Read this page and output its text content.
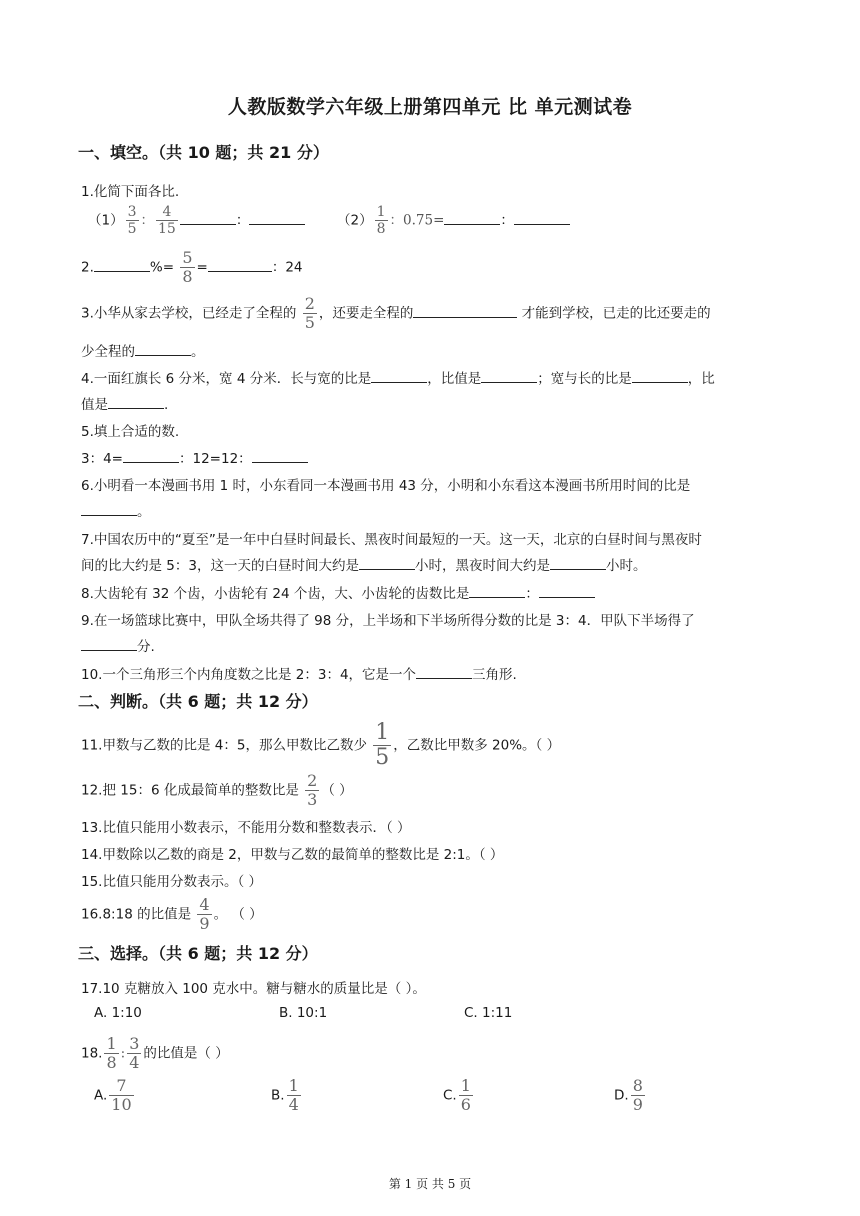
人教版数学六年级上册第四单元 比 单元测试卷
一、填空。（共 10 题；共 21 分）
1.化简下面各比.
$(1) \frac{3}{5}$ ： $\frac{4}{15}$	：	$(2) \frac{1}{8}$ ：0.75=	：
2.	%= $\frac{5}{8}$ =	：24
3.小华从家去学校，已经走了全程的 $\frac{2}{5}$ ，还要走全程的	才能到学校，已走的比还要走的
少全程的	。
4.一面红旗长 6 分米，宽 4 分米．长与宽的比是	，比值是	；宽与长的比是	，比
值是	.
5.填上合适的数.
3：4=	：12=12：
6.小明看一本漫画书用 1 时，小东看同一本漫画书用 43 分，小明和小东看这本漫画书所用时间的比是
。
7.中国农历中的“夏至”是一年中白昼时间最长、黑夜时间最短的一天。这一天，北京的白昼时间与黑夜时
间的比大约是 5：3，这一天的白昼时间大约是	小时，黑夜时间大约是	小时。
8.大齿轮有 32 个齿，小齿轮有 24 个齿，大、小齿轮的齿数比是	：
9.在一场篮球比赛中，甲队全场共得了 98 分，上半场和下半场所得分数的比是 3：4．甲队下半场得了
分.
10.一个三角形三个内角度数之比是 2：3：4，它是一个	三角形.
二、判断。（共 6 题；共 12 分）
11.甲数与乙数的比是 4：5，那么甲数比乙数少 $\frac{1}{5}$ ，乙数比甲数多 20%。（ ）
12.把 15：6 化成最简单的整数比是 $\frac{2}{3}$ （ ）
13.比值只能用小数表示，不能用分数和整数表示．（ ）
14.甲数除以乙数的商是 2，甲数与乙数的最简单的整数比是 2:1。（ ）
15.比值只能用分数表示。（ ）
16.8:18 的比值是 $\frac{4}{9}$ 。 （ ）
三、选择。（共 6 题；共 12 分）
17.10 克糖放入 100 克水中。糖与糖水的质量比是（ ）。
A. 1:10	B. 10:1	C. 1:11
18. $\frac{1}{8}$ : $\frac{3}{4}$ 的比值是（ ）
A. $\frac{7}{10}$	B. $\frac{1}{4}$	C. $\frac{1}{6}$	D. $\frac{8}{9}$
第 1 页 共 5 页
